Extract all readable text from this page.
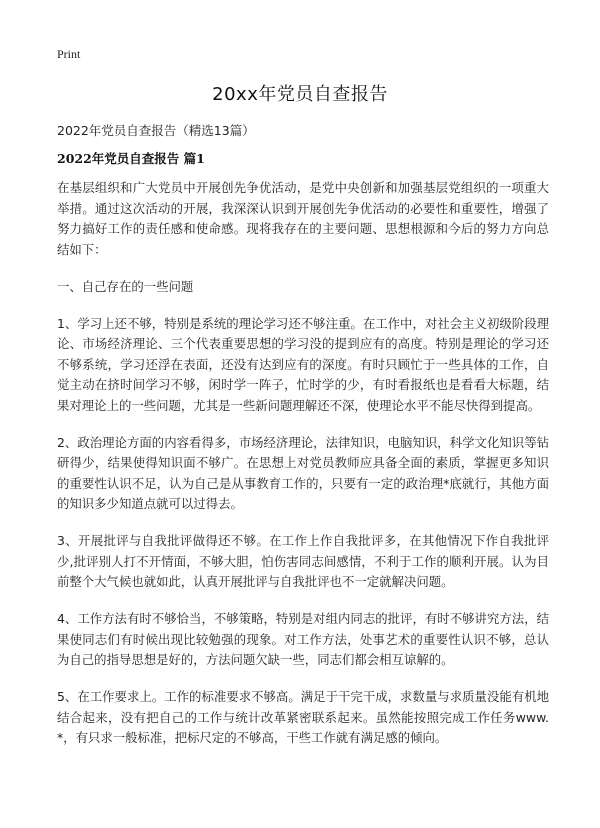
Print
20xx年党员自查报告
2022年党员自查报告（精选13篇）
2022年党员自查报告 篇1

在基层组织和广大党员中开展创先争优活动，是党中央创新和加强基层党组织的一项重大举措。通过这次活动的开展，我深深认识到开展创先争优活动的必要性和重要性，增强了努力搞好工作的责任感和使命感。现将我存在的主要问题、思想根源和今后的努力方向总结如下：

一、自己存在的一些问题

1、学习上还不够，特别是系统的理论学习还不够注重。在工作中，对社会主义初级阶段理论、市场经济理论、三个代表重要思想的学习没的提到应有的高度。特别是理论的学习还不够系统，学习还浮在表面，还没有达到应有的深度。有时只顾忙于一些具体的工作，自觉主动在挤时间学习不够，闲时学一阵子，忙时学的少，有时看报纸也是看看大标题，结果对理论上的一些问题，尤其是一些新问题理解还不深，使理论水平不能尽快得到提高。

2、政治理论方面的内容看得多，市场经济理论，法律知识，电脑知识，科学文化知识等钻研得少，结果使得知识面不够广。在思想上对党员教师应具备全面的素质，掌握更多知识的重要性认识不足，认为自己是从事教育工作的，只要有一定的政治理*底就行，其他方面的知识多少知道点就可以过得去。

3、开展批评与自我批评做得还不够。在工作上作自我批评多，在其他情况下作自我批评少,批评别人打不开情面，不够大胆，怕伤害同志间感情，不利于工作的顺利开展。认为目前整个大气候也就如此，认真开展批评与自我批评也不一定就解决问题。

4、工作方法有时不够恰当，不够策略，特别是对组内同志的批评，有时不够讲究方法，结果使同志们有时候出现比较勉强的现象。对工作方法，处事艺术的重要性认识不够，总认为自己的指导思想是好的，方法问题欠缺一些，同志们都会相互谅解的。

5、在工作要求上。工作的标准要求不够高。满足于干完干成，求数量与求质量没能有机地结合起来，没有把自己的工作与统计改革紧密联系起来。虽然能按照完成工作任务www.*，有只求一般标准，把标尺定的不够高，干些工作就有满足感的倾向。
